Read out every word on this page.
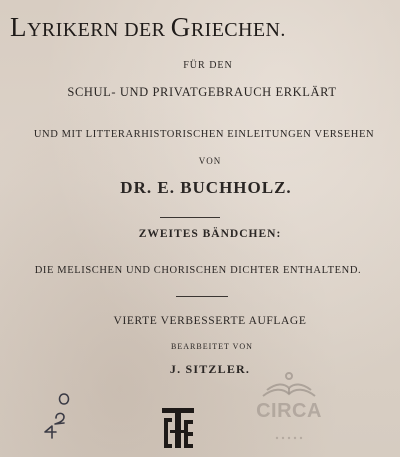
LYRIKERN DER GRIECHEN.
FÜR DEN
SCHUL- UND PRIVATGEBRAUCH ERKLÄRT
UND MIT LITTERARHISTORISCHEN EINLEITUNGEN VERSEHEN
VON
DR. E. BUCHHOLZ.
ZWEITES BÄNDCHEN:
DIE MELISCHEN UND CHORISCHEN DICHTER ENTHALTEND.
VIERTE VERBESSERTE AUFLAGE
BEARBEITET VON
J. SITZLER.
CIRCA
